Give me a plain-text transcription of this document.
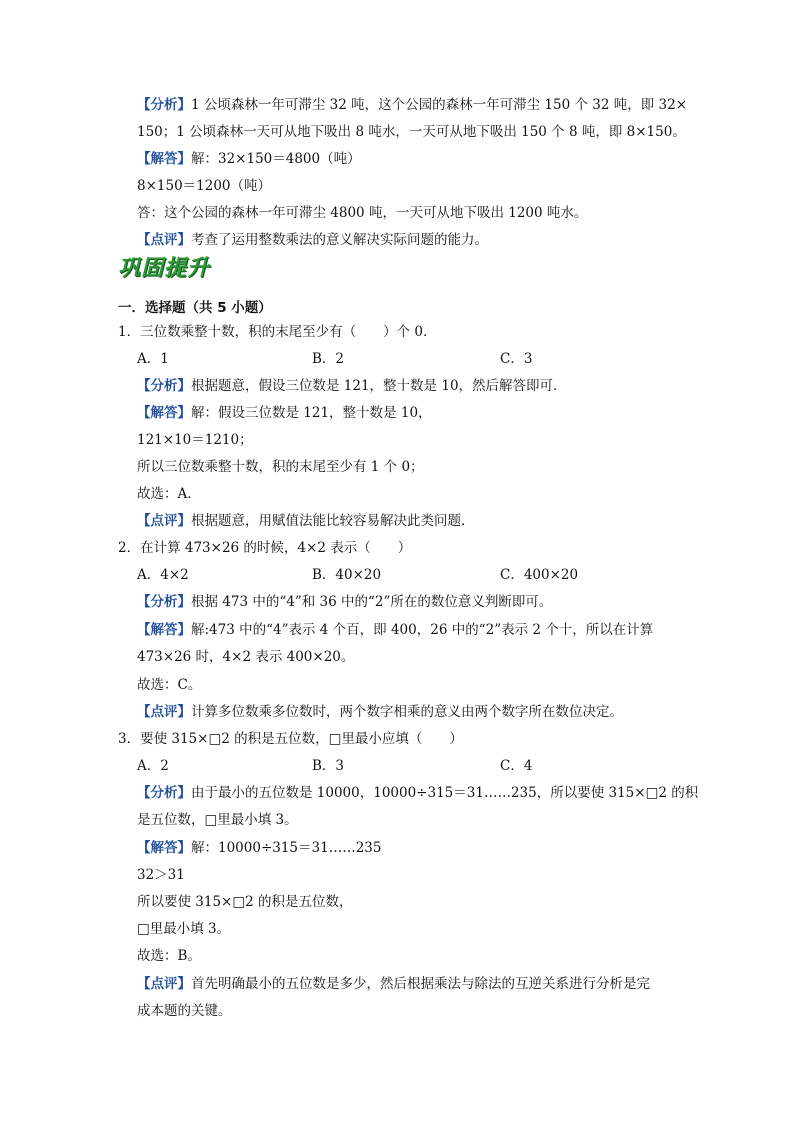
【分析】1 公顷森林一年可滞尘 32 吨，这个公园的森林一年可滞尘 150 个 32 吨，即 32×
150；1 公顷森林一天可从地下吸出 8 吨水，一天可从地下吸出 150 个 8 吨，即 8×150。
【解答】解：32×150＝4800（吨）
8×150＝1200（吨）
答：这个公园的森林一年可滞尘 4800 吨，一天可从地下吸出 1200 吨水。
【点评】考查了运用整数乘法的意义解决实际问题的能力。
巩固提升
一．选择题（共 5 小题）
1．三位数乘整十数，积的末尾至少有（　　）个 0．
A．1	B．2	C．3
【分析】根据题意，假设三位数是 121，整十数是 10，然后解答即可．
【解答】解：假设三位数是 121，整十数是 10，
121×10＝1210；
所以三位数乘整十数，积的末尾至少有 1 个 0；
故选：A．
【点评】根据题意，用赋值法能比较容易解决此类问题．
2．在计算 473×26 的时候，4×2 表示（　　）
A．4×2	B．40×20	C．400×20
【分析】根据 473 中的“4”和 36 中的“2”所在的数位意义判断即可。
【解答】解:473 中的“4”表示 4 个百，即 400，26 中的“2”表示 2 个十，所以在计算
473×26 时，4×2 表示 400×20。
故选：C。
【点评】计算多位数乘多位数时，两个数字相乘的意义由两个数字所在数位决定。
3．要使 315×□2 的积是五位数，□里最小应填（　　）
A．2	B．3	C．4
【分析】由于最小的五位数是 10000，10000÷315＝31……235，所以要使 315×□2 的积
是五位数，□里最小填 3。
【解答】解：10000÷315＝31……235
32＞31
所以要使 315×□2 的积是五位数，
□里最小填 3。
故选：B。
【点评】首先明确最小的五位数是多少，然后根据乘法与除法的互逆关系进行分析是完
成本题的关键。
